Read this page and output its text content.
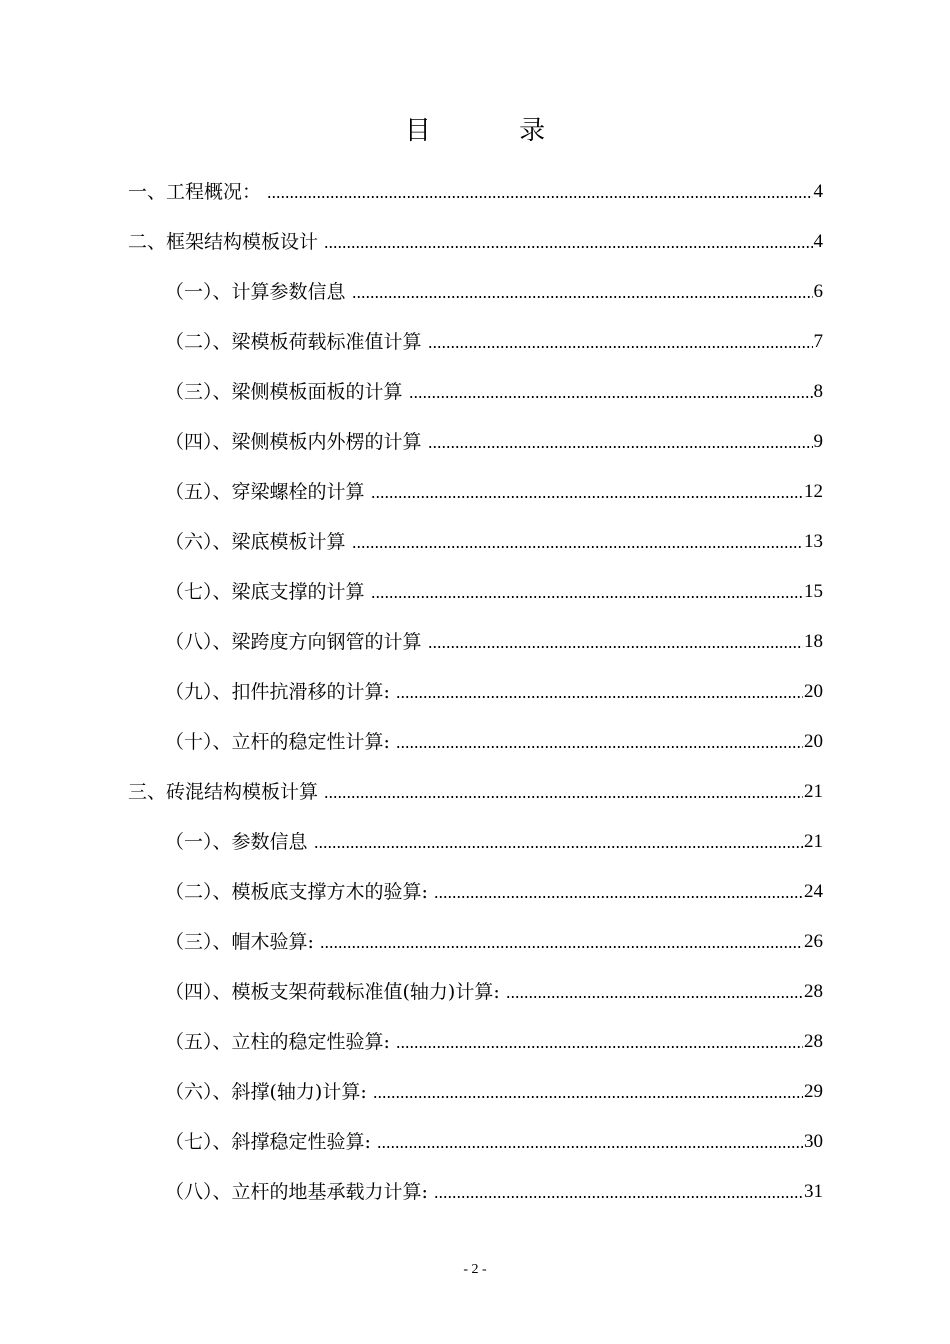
目 录
一、工程概况：	4
二、框架结构模板设计	4
（一）、计算参数信息	6
（二）、梁模板荷载标准值计算	7
（三）、梁侧模板面板的计算	8
（四）、梁侧模板内外楞的计算	9
（五）、穿梁螺栓的计算	12
（六）、梁底模板计算	13
（七）、梁底支撑的计算	15
（八）、梁跨度方向钢管的计算	18
（九）、扣件抗滑移的计算:	20
（十）、立杆的稳定性计算:	20
三、砖混结构模板计算	21
（一）、参数信息	21
（二）、模板底支撑方木的验算:	24
（三）、帽木验算:	26
（四）、模板支架荷载标准值(轴力)计算:	28
（五）、立柱的稳定性验算:	28
（六）、斜撑(轴力)计算:	29
（七）、斜撑稳定性验算:	30
（八）、立杆的地基承载力计算:	31
- 2 -
